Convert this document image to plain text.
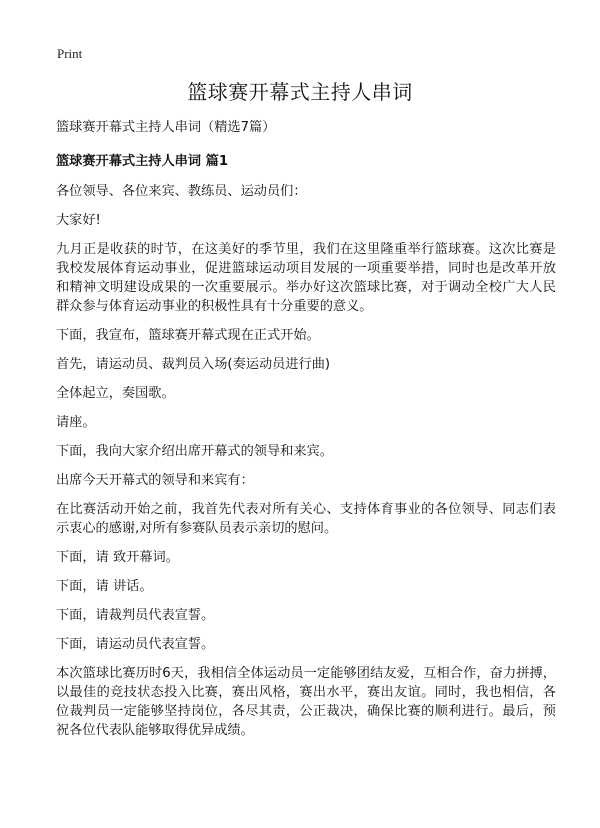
Print
篮球赛开幕式主持人串词

篮球赛开幕式主持人串词（精选7篇）

篮球赛开幕式主持人串词 篇1

各位领导、各位来宾、教练员、运动员们：

大家好!

九月正是收获的时节，在这美好的季节里，我们在这里隆重举行篮球赛。这次比赛是我校发展体育运动事业，促进篮球运动项目发展的一项重要举措，同时也是改革开放和精神文明建设成果的一次重要展示。举办好这次篮球比赛，对于调动全校广大人民群众参与体育运动事业的积极性具有十分重要的意义。

下面，我宣布，篮球赛开幕式现在正式开始。

首先，请运动员、裁判员入场(奏运动员进行曲)

全体起立，奏国歌。

请座。

下面，我向大家介绍出席开幕式的领导和来宾。

出席今天开幕式的领导和来宾有：

在比赛活动开始之前，我首先代表对所有关心、支持体育事业的各位领导、同志们表示衷心的感谢,对所有参赛队员表示亲切的慰问。

下面，请 致开幕词。

下面，请 讲话。

下面，请裁判员代表宣誓。

下面，请运动员代表宣誓。

本次篮球比赛历时6天，我相信全体运动员一定能够团结友爱，互相合作，奋力拼搏，以最佳的竞技状态投入比赛，赛出风格，赛出水平，赛出友谊。同时，我也相信，各位裁判员一定能够坚持岗位，各尽其责，公正裁决，确保比赛的顺利进行。最后，预祝各位代表队能够取得优异成绩。
